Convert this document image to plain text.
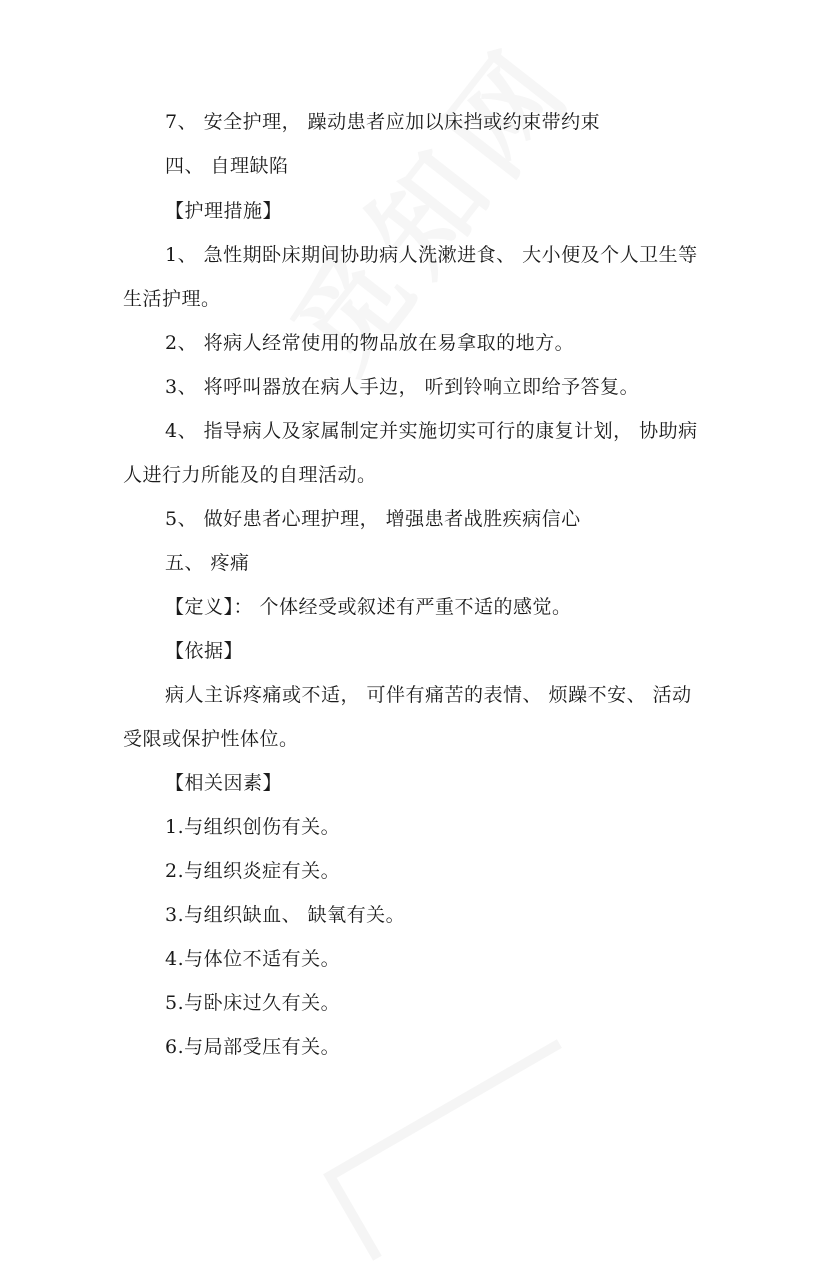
7、 安全护理， 躁动患者应加以床挡或约束带约束
四、 自理缺陷
【护理措施】
1、 急性期卧床期间协助病人洗漱进食、 大小便及个人卫生等
生活护理。
2、 将病人经常使用的物品放在易拿取的地方。
3、 将呼叫器放在病人手边， 听到铃响立即给予答复。
4、 指导病人及家属制定并实施切实可行的康复计划， 协助病
人进行力所能及的自理活动。
5、 做好患者心理护理， 增强患者战胜疾病信心
五、 疼痛
【定义】： 个体经受或叙述有严重不适的感觉。
【依据】
病人主诉疼痛或不适， 可伴有痛苦的表情、 烦躁不安、 活动
受限或保护性体位。
【相关因素】
1.与组织创伤有关。
2.与组织炎症有关。
3.与组织缺血、 缺氧有关。
4.与体位不适有关。
5.与卧床过久有关。
6.与局部受压有关。
